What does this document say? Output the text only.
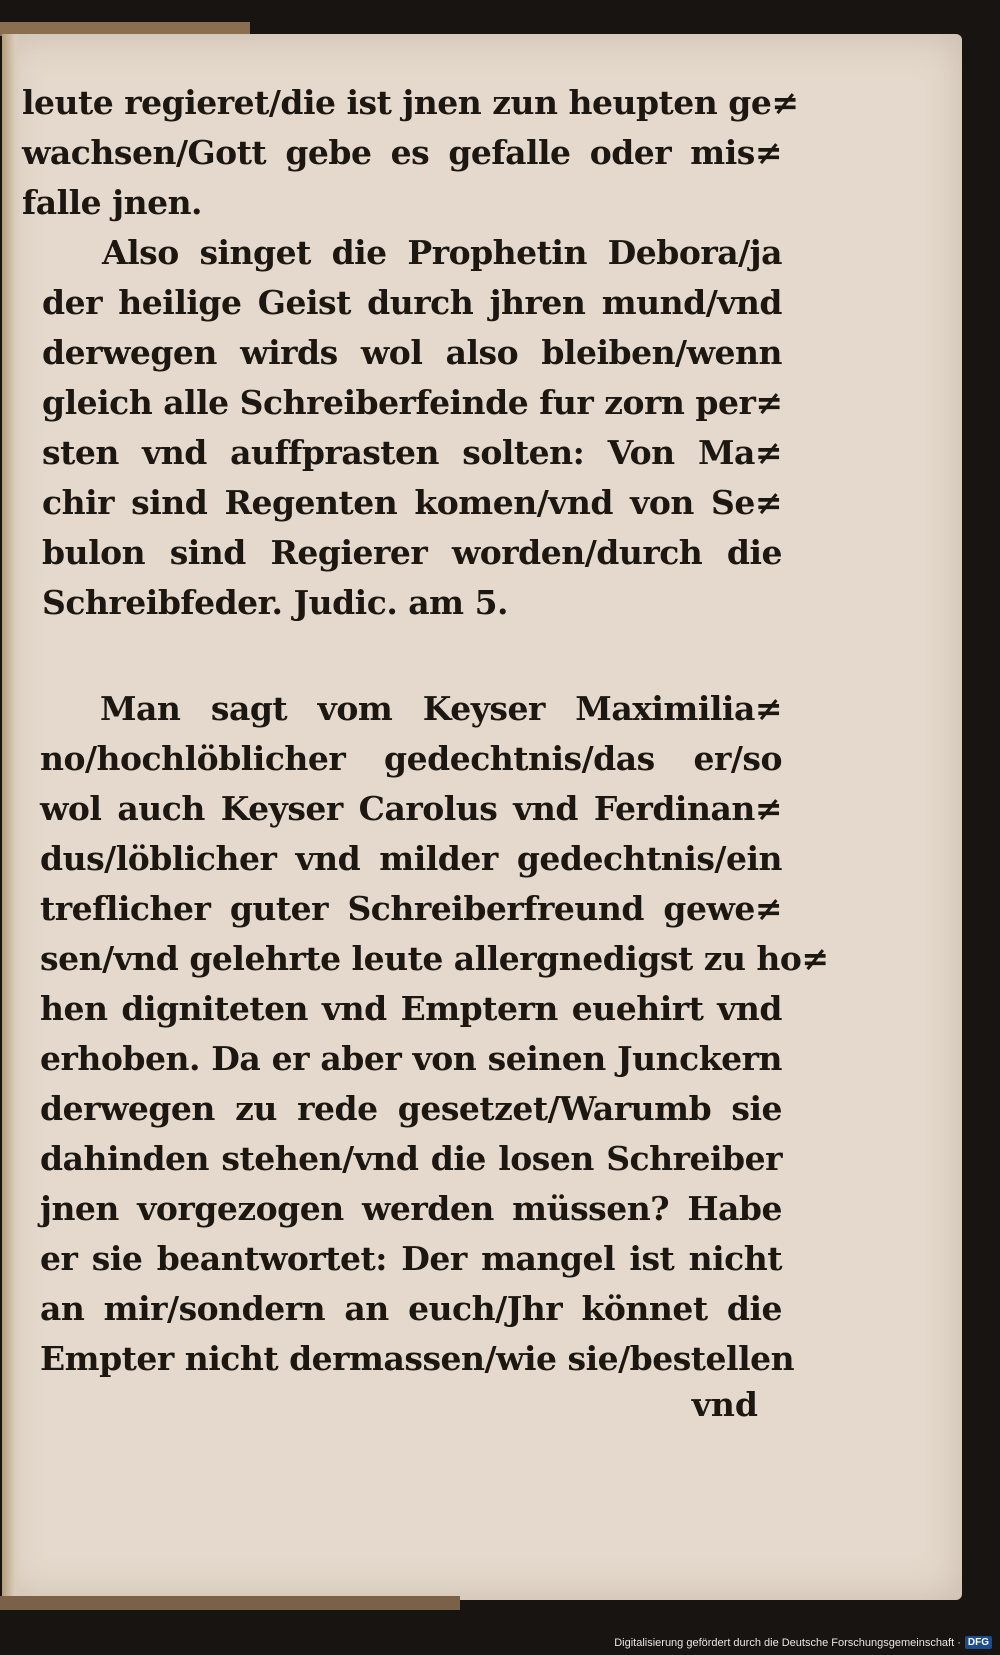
leute regieret/die ist jnen zun heupten ge≠
wachsen/Gott gebe es gefalle oder mis≠
falle jnen.
Also singet die Prophetin Debora/ja
der heilige Geist durch jhren mund/vnd
derwegen wirds wol also bleiben/wenn
gleich alle Schreiberfeinde fur zorn per≠
sten vnd auffprasten solten: Von Ma≠
chir sind Regenten komen/vnd von Se≠
bulon sind Regierer worden/durch die
Schreibfeder. Judic. am 5.
Man sagt vom Keyser Maximilia≠
no/hochlöblicher gedechtnis/das er/so
wol auch Keyser Carolus vnd Ferdinan≠
dus/löblicher vnd milder gedechtnis/ein
treflicher guter Schreiberfreund gewe≠
sen/vnd gelehrte leute allergnedigst zu ho≠
hen digniteten vnd Emptern euehirt vnd
erhoben. Da er aber von seinen Junckern
derwegen zu rede gesetzet/Warumb sie
dahinden stehen/vnd die losen Schreiber
jnen vorgezogen werden müssen? Habe
er sie beantwortet: Der mangel ist nicht
an mir/sondern an euch/Jhr könnet die
Empter nicht dermassen/wie sie/bestellen
vnd
Digitalisierung gefördert durch die Deutsche Forschungsgemeinschaft · DFG
